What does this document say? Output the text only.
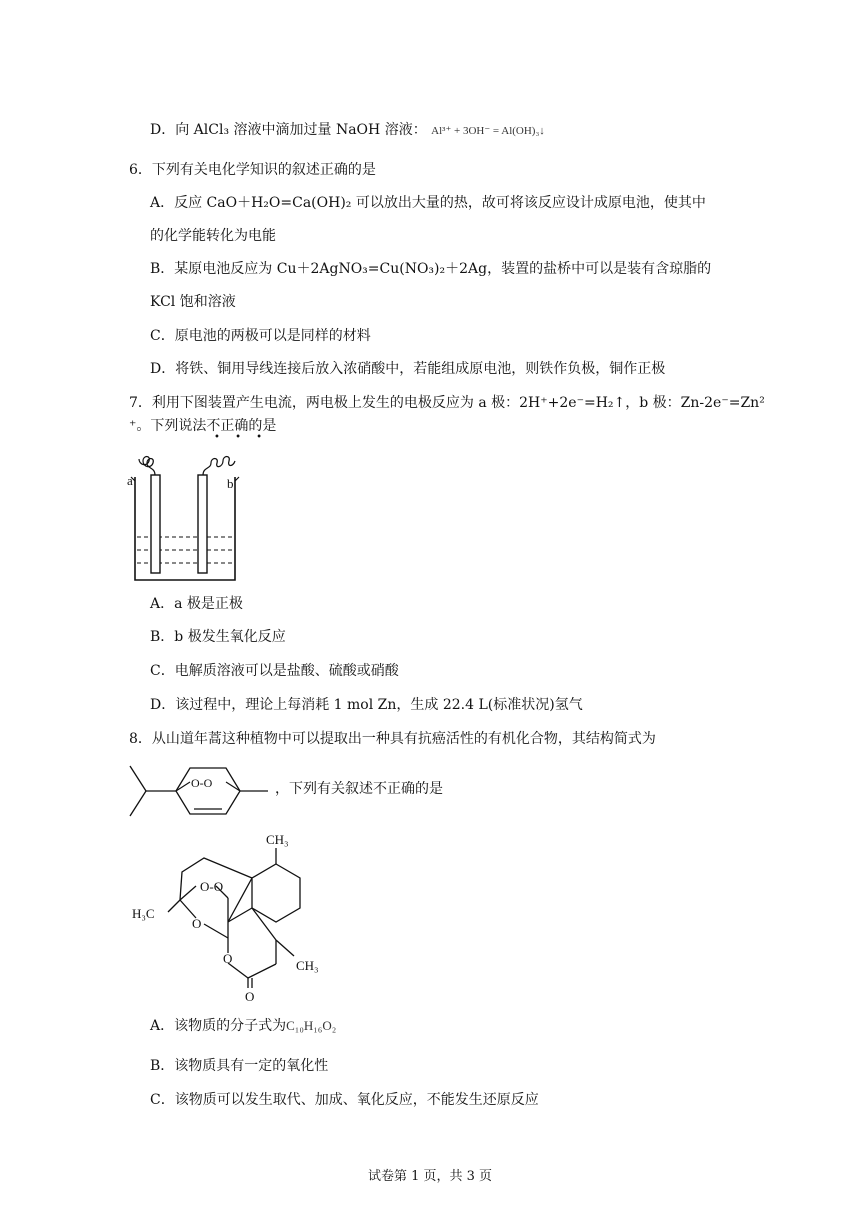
D．向 AlCl₃ 溶液中滴加过量 NaOH 溶液： Al³⁺ + 3OH⁻ = Al(OH)₃↓
6．下列有关电化学知识的叙述正确的是
A．反应 CaO＋H₂O=Ca(OH)₂ 可以放出大量的热，故可将该反应设计成原电池，使其中
的化学能转化为电能
B．某原电池反应为 Cu＋2AgNO₃=Cu(NO₃)₂＋2Ag，装置的盐桥中可以是装有含琼脂的
KCl 饱和溶液
C．原电池的两极可以是同样的材料
D．将铁、铜用导线连接后放入浓硝酸中，若能组成原电池，则铁作负极，铜作正极
7．利用下图装置产生电流，两电极上发生的电极反应为 a 极：2H⁺+2e⁻=H₂↑，b 极：Zn-2e⁻=Zn²
⁺。下列说法不正确的是
• • •
a	b
A．a 极是正极
B．b 极发生氧化反应
C．电解质溶液可以是盐酸、硫酸或硝酸
D．该过程中，理论上每消耗 1 mol Zn，生成 22.4 L(标准状况)氢气
8．从山道年蒿这种植物中可以提取出一种具有抗癌活性的有机化合物，其结构简式为
O-O	，下列有关叙述不正确的是
CH₃
O-O
H₃C
O
O	CH₃
O
A．该物质的分子式为C₁₀H₁₆O₂
B．该物质具有一定的氧化性
C．该物质可以发生取代、加成、氧化反应，不能发生还原反应
试卷第 1 页，共 3 页
